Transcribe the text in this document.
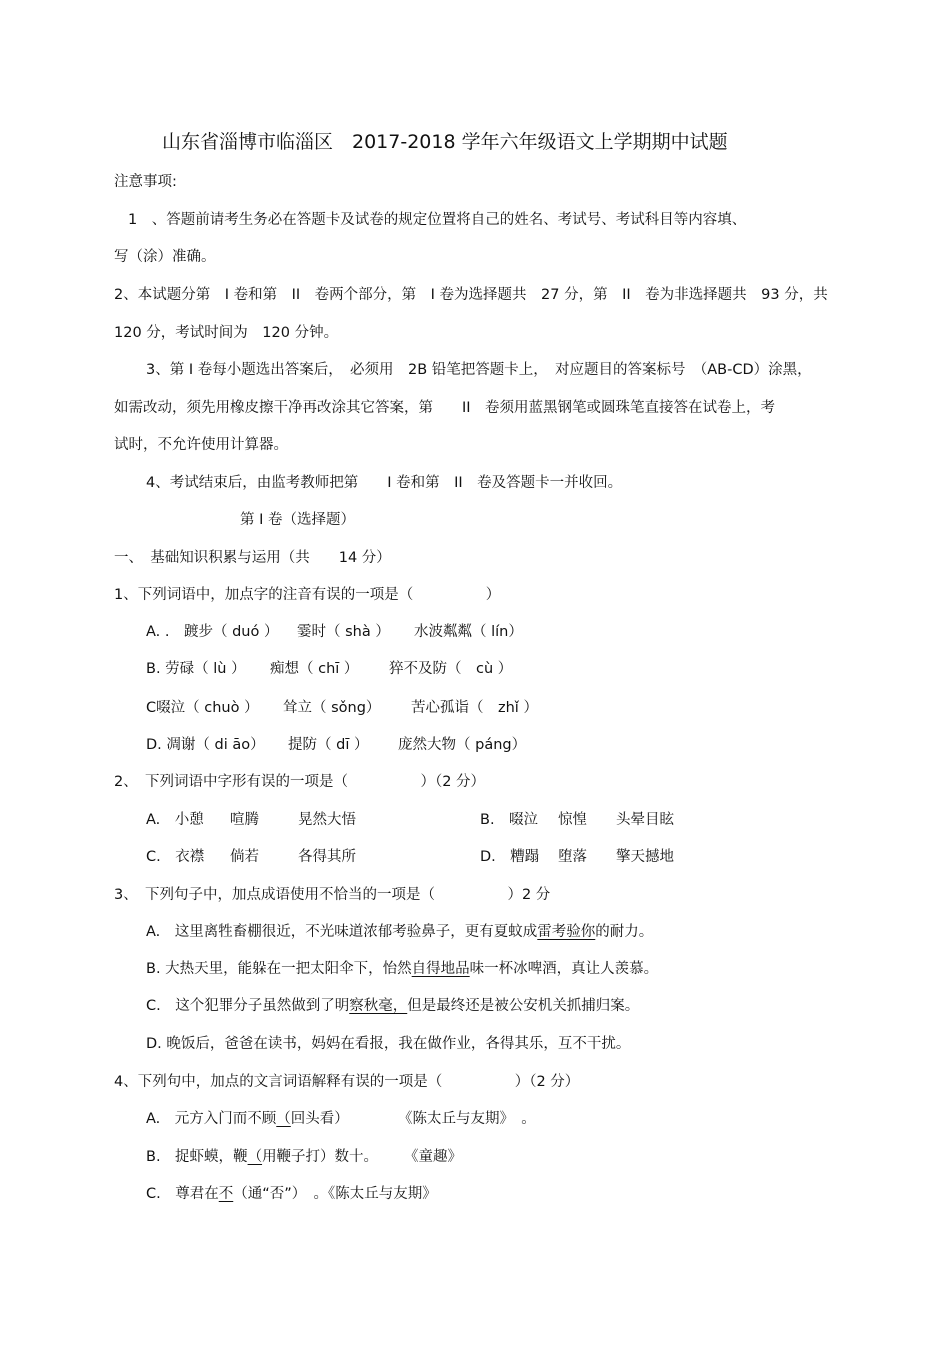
山东省淄博市临淄区　2017-2018 学年六年级语文上学期期中试题
注意事项:
1　、答题前请考生务必在答题卡及试卷的规定位置将自己的姓名、考试号、考试科目等内容填、
写（涂）准确。
2、本试题分第　I 卷和第　II　卷两个部分，第　I 卷为选择题共　27 分，第　II　卷为非选择题共　93 分，共
120 分，考试时间为　120 分钟。
3、第 I 卷每小题选出答案后，　必须用　2B 铅笔把答题卡上，　对应题目的答案标号　（AB-CD）涂黑，
如需改动，须先用橡皮擦干净再改涂其它答案，第　　II　卷须用蓝黑钢笔或圆珠笔直接答在试卷上，考
试时，不允许使用计算器。
4、考试结束后，由监考教师把第　　I 卷和第　II　卷及答题卡一并收回。
第 I 卷（选择题）
一、　基础知识积累与运用（共　　14 分）
1、下列词语中，加点字的注音有误的一项是（　　　　　）
A. .　踱步（ duó ） 霎时（ shà ） 水波粼粼（ lín）
B. 劳碌（ lù ） 痴想（ chī ） 猝不及防（　cù ）
C啜泣（ chuò ） 耸立（ sǒng） 苦心孤诣（　zhǐ ）
D. 凋谢（ di āo） 提防（ dī ） 庞然大物（ páng）
2、　下列词语中字形有误的一项是（　　　　　）（2 分）
A.　小憩 喧腾	晃然大悟	B.　啜泣 惊惶 头晕目眩
C.　衣襟 倘若	各得其所	D.　糟蹋 堕落 擎天撼地
3、　下列句子中，加点成语使用不恰当的一项是（　　　　　）2 分
A.　这里离牲畜棚很近，不光味道浓郁考验鼻子，更有夏蚊成雷考验你的耐力。
B. 大热天里，能躲在一把太阳伞下，怡然自得地品味一杯冰啤酒，真让人羡慕。
C.　这个犯罪分子虽然做到了明察秋毫，但是最终还是被公安机关抓捕归案。
D. 晚饭后，爸爸在读书，妈妈在看报，我在做作业，各得其乐，互不干扰。
4、下列句中，加点的文言词语解释有误的一项是（　　　　　）（2 分）
A.　元方入门而不顾（回头看）	《陈太丘与友期》　。
B.　捉虾蟆，鞭（用鞭子打）数十。 《童趣》
C.　尊君在不（通“否”）　。《陈太丘与友期》
